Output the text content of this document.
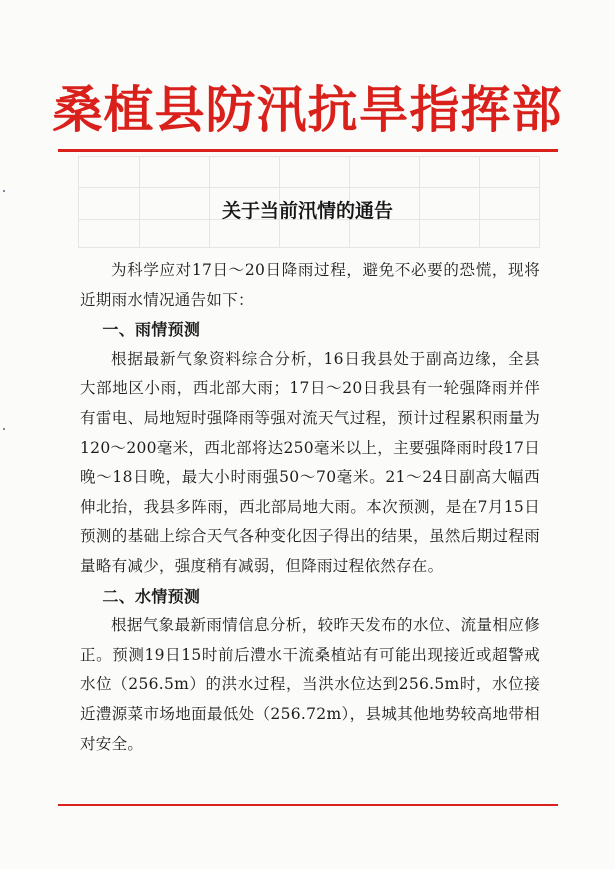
桑植县防汛抗旱指挥部
关于当前汛情的通告

为科学应对17日～20日降雨过程，避免不必要的恐慌，现将近期雨水情况通告如下：

一、雨情预测

根据最新气象资料综合分析，16日我县处于副高边缘，全县大部地区小雨，西北部大雨；17日～20日我县有一轮强降雨并伴有雷电、局地短时强降雨等强对流天气过程，预计过程累积雨量为120～200毫米，西北部将达250毫米以上，主要强降雨时段17日晚～18日晚，最大小时雨强50～70毫米。21～24日副高大幅西伸北抬，我县多阵雨，西北部局地大雨。本次预测，是在7月15日预测的基础上综合天气各种变化因子得出的结果，虽然后期过程雨量略有减少，强度稍有减弱，但降雨过程依然存在。

二、水情预测

根据气象最新雨情信息分析，较昨天发布的水位、流量相应修正。预测19日15时前后澧水干流桑植站有可能出现接近或超警戒水位（256.5m）的洪水过程，当洪水位达到256.5m时，水位接近澧源菜市场地面最低处（256.72m），县城其他地势较高地带相对安全。
